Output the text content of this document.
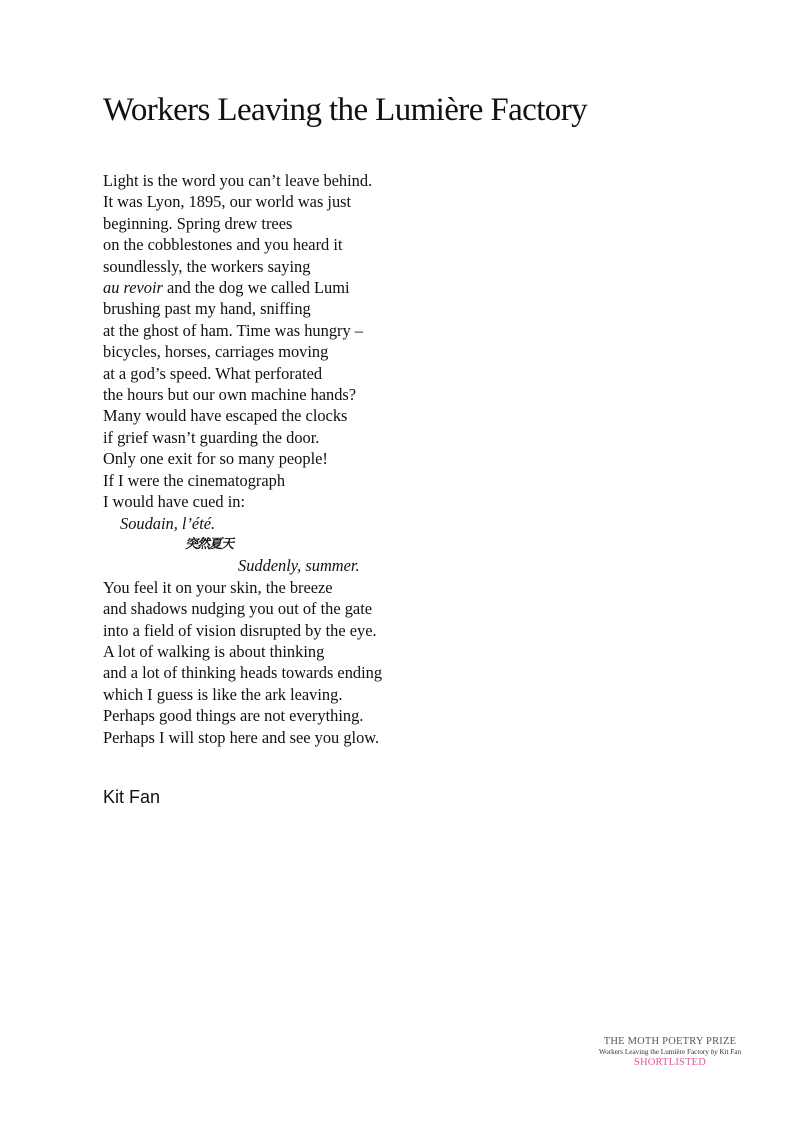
Workers Leaving the Lumière Factory
Light is the word you can’t leave behind.
It was Lyon, 1895, our world was just
beginning. Spring drew trees
on the cobblestones and you heard it
soundlessly, the workers saying
au revoir and the dog we called Lumi
brushing past my hand, sniffing
at the ghost of ham. Time was hungry –
bicycles, horses, carriages moving
at a god’s speed. What perforated
the hours but our own machine hands?
Many would have escaped the clocks
if grief wasn’t guarding the door.
Only one exit for so many people!
If I were the cinematograph
I would have cued in:
Soudain, l’été.
突然夏天
Suddenly, summer.
You feel it on your skin, the breeze
and shadows nudging you out of the gate
into a field of vision disrupted by the eye.
A lot of walking is about thinking
and a lot of thinking heads towards ending
which I guess is like the ark leaving.
Perhaps good things are not everything.
Perhaps I will stop here and see you glow.
Kit Fan
THE MOTH POETRY PRIZE
Workers Leaving the Lumière Factory by Kit Fan
SHORTLISTED
